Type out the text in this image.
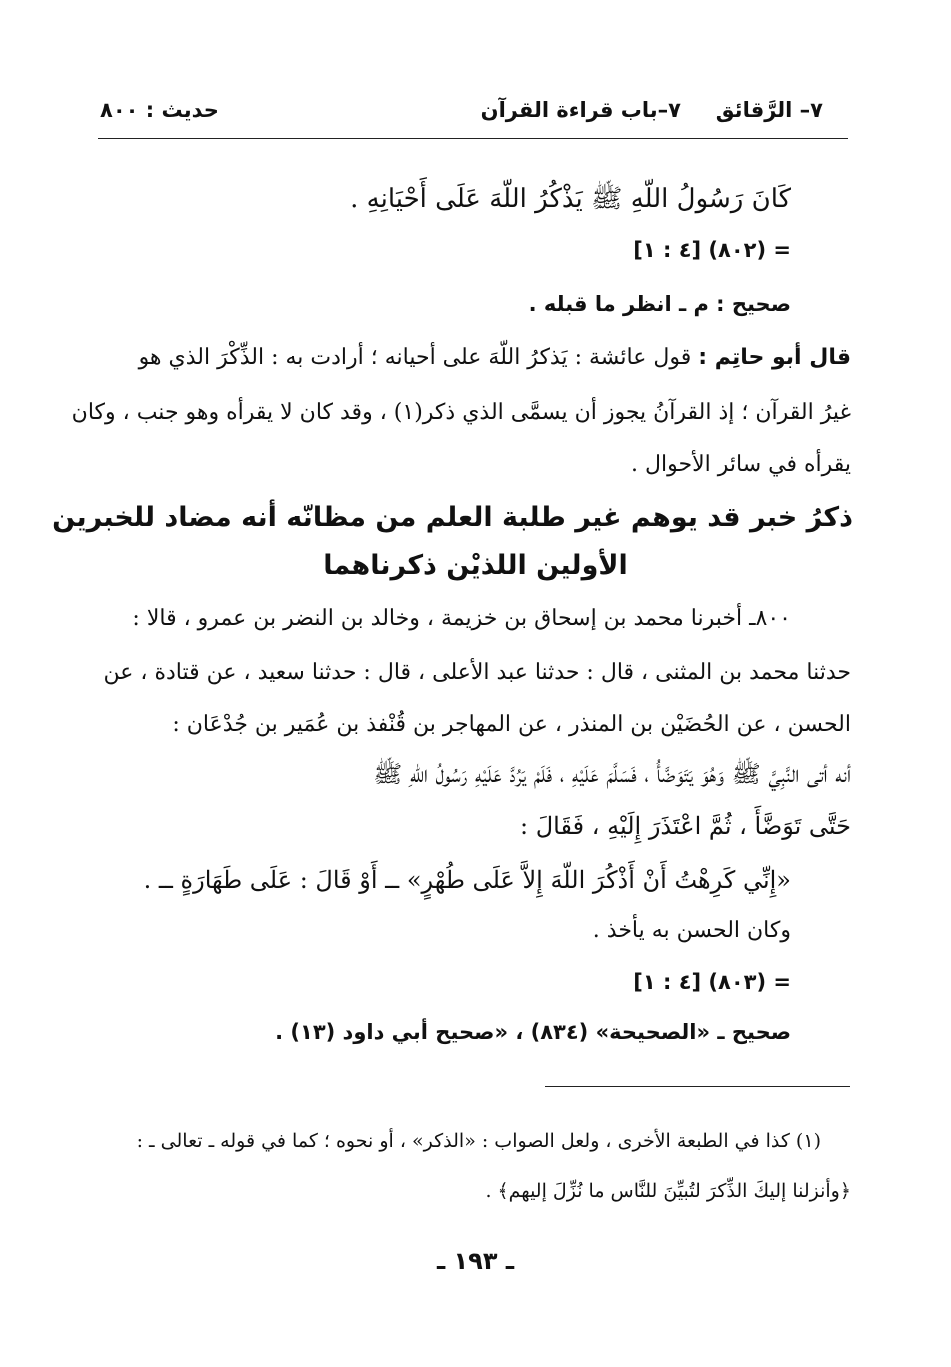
٧– الرَّقائق
٧–باب قراءة القرآن
حديث : ٨٠٠
كَانَ رَسُولُ اللّهِ ﷺ يَذْكُرُ اللّهَ عَلَى أَحْيَانِهِ .
= (٨٠٢) [٤ : ١]
صحيح : م ـ انظر ما قبله .
قال أبو حاتِم : قول عائشة : يَذكرُ اللّهَ على أحيانه ؛ أرادت به : الذِّكْرَ الذي هو
غيرُ القرآن ؛ إذ القرآنُ يجوز أن يسمَّى الذي ذكر(١) ، وقد كان لا يقرأه وهو جنب ، وكان
يقرأه في سائر الأحوال .
ذكرُ خبر قد يوهم غير طلبة العلم من مظانّه أنه مضاد للخبرين
الأولين اللذيْن ذكرناهما
٨٠٠ـ أخبرنا محمد بن إسحاق بن خزيمة ، وخالد بن النضر بن عمرو ، قالا :
حدثنا محمد بن المثنى ، قال : حدثنا عبد الأعلى ، قال : حدثنا سعيد ، عن قتادة ، عن
الحسن ، عن الحُضَيْن بن المنذر ، عن المهاجر بن قُنْفذ بن عُمَير بن جُدْعَان :
أنه أتى النَّبِيَّ ﷺ وَهُوَ يَتَوَضَّأُ ، فَسَلَّمَ عَلَيْهِ ، فَلَمْ يَرُدَّ عَلَيْهِ رَسُولُ اللّهِ ﷺ
حَتَّى تَوَضَّأَ ، ثُمَّ اعْتَذَرَ إِلَيْهِ ، فَقَالَ :
«إِنِّي كَرِهْتُ أَنْ أَذْكُرَ اللّهَ إِلاَّ عَلَى طُهْرٍ» ــ أَوْ قَالَ : عَلَى طَهَارَةٍ ــ .
وكان الحسن به يأخذ .
= (٨٠٣) [٤ : ١]
صحيح ـ «الصحيحة» (٨٣٤) ، «صحيح أبي داود (١٣) .
(١) كذا في الطبعة الأخرى ، ولعل الصواب : «الذكر» ، أو نحوه ؛ كما في قوله ـ تعالى ـ :
﴿وأنزلنا إليكَ الذِّكرَ لتُبيِّنَ للنَّاس ما نُزِّلَ إليهم﴾ .
ـ ١٩٣ ـ
